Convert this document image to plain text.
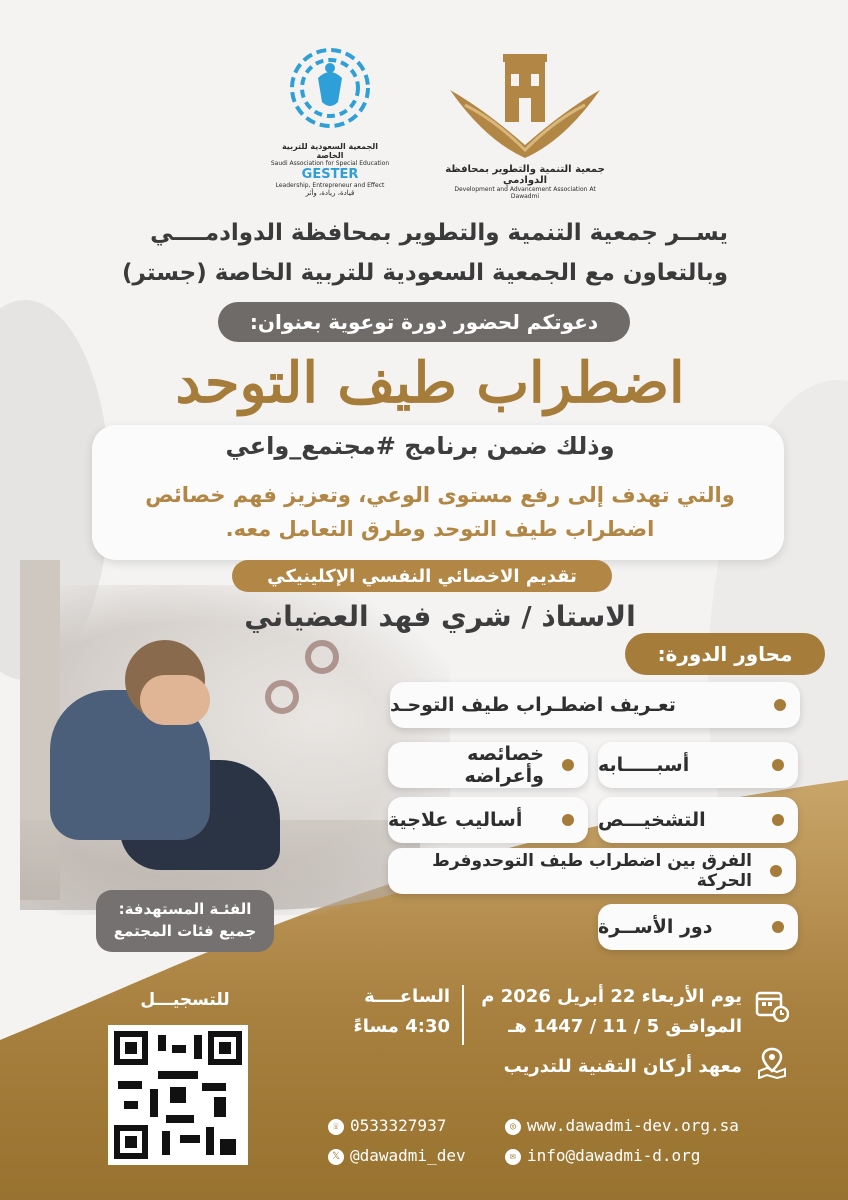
الجمعية السعودية للتربية الخاصة
Saudi Association for Special Education
GESTER
Leadership, Entrepreneur and Effect
قيادة، ريادة، وأثر
جمعية التنمية والتطوير بمحافظة الدوادمي
Development and Advancement Association At Dawadmi
يســر جمعية التنمية والتطوير بمحافظة الدوادمــــي
وبالتعاون مع الجمعية السعودية للتربية الخاصة (جستر)
دعوتكم لحضور دورة توعوية بعنوان:
اضطراب طيف التوحد
وذلك ضمن برنامج #مجتمع_واعي
والتي تهدف إلى رفع مستوى الوعي، وتعزيز فهم خصائص
اضطراب طيف التوحد وطرق التعامل معه.
تقديم الاخصائي النفسي الإكلينيكي
الاستاذ / شري فهد العضياني
محاور الدورة:
تعـريف اضطـراب طيف التوحـد
أسبـــــابه
خصائصه وأعراضه
التشخيـــص
أساليب علاجية
الفرق بين اضطراب طيف التوحدوفرط الحركة
دور الأســرة
الفئـة المستهدفة:
جميع فئات المجتمع
للتسجيـــل	يوم الأربعاء 22 أبريل 2026 م
الموافـق 5 / 11 / 1447 هـ
الساعــــة
4:30 مساءً
معهد أركان التقنية للتدريب
☏ 0533327937
𝕏 @dawadmi_dev
◎ www.dawadmi-dev.org.sa
✉ info@dawadmi-d.org
